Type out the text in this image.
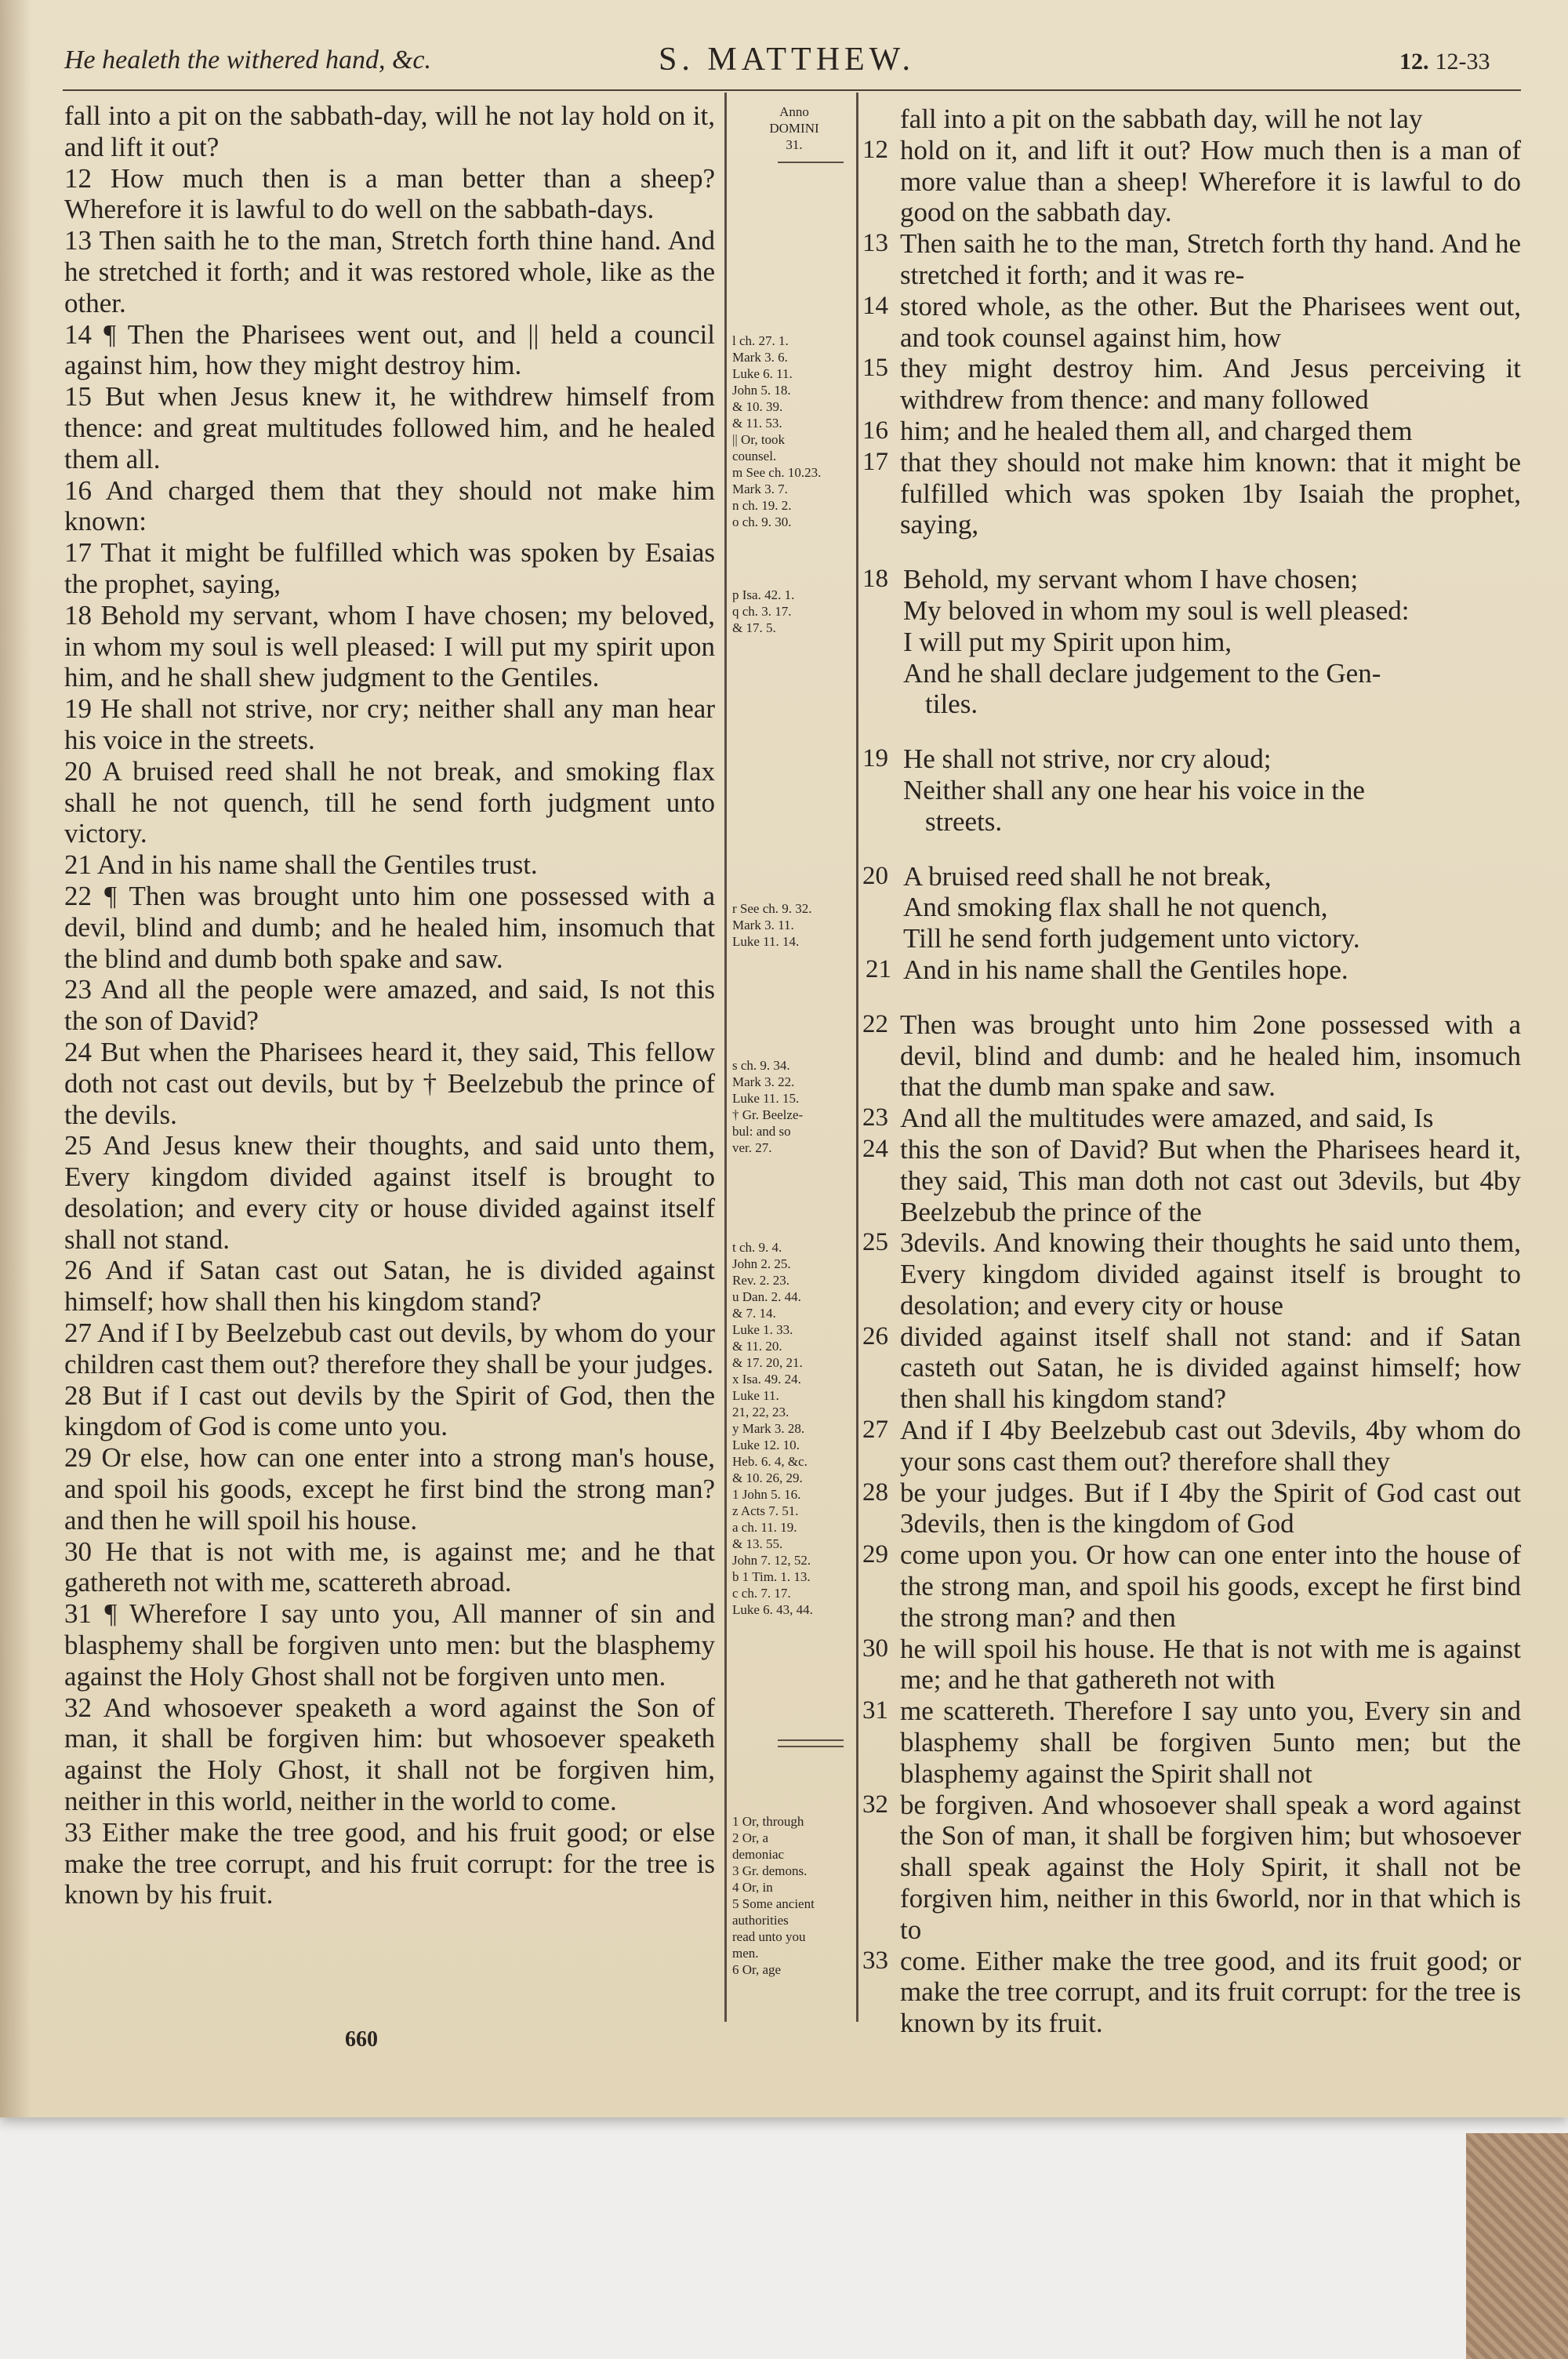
He healeth the withered hand, &c.	S. MATTHEW.	12. 12-33
Anno
DOMINI
31.

fall into a pit on the sabbath-day, will he not lay hold on it, and lift it out?

12 How much then is a man better than a sheep? Wherefore it is lawful to do well on the sabbath-days.

13 Then saith he to the man, Stretch forth thine hand. And he stretched it forth; and it was restored whole, like as the other.

14 ¶ Then the Pharisees went out, and || held a council against him, how they might destroy him.

15 But when Jesus knew it, he withdrew himself from thence: and great multitudes followed him, and he healed them all.

16 And charged them that they should not make him known:

17 That it might be fulfilled which was spoken by Esaias the prophet, saying,

18 Behold my servant, whom I have chosen; my beloved, in whom my soul is well pleased: I will put my spirit upon him, and he shall shew judgment to the Gentiles.

19 He shall not strive, nor cry; neither shall any man hear his voice in the streets.

20 A bruised reed shall he not break, and smoking flax shall he not quench, till he send forth judgment unto victory.

21 And in his name shall the Gentiles trust.

22 ¶ Then was brought unto him one possessed with a devil, blind and dumb; and he healed him, insomuch that the blind and dumb both spake and saw.

23 And all the people were amazed, and said, Is not this the son of David?

24 But when the Pharisees heard it, they said, This fellow doth not cast out devils, but by † Beelzebub the prince of the devils.

25 And Jesus knew their thoughts, and said unto them, Every kingdom divided against itself is brought to desolation; and every city or house divided against itself shall not stand.

26 And if Satan cast out Satan, he is divided against himself; how shall then his kingdom stand?

27 And if I by Beelzebub cast out devils, by whom do your children cast them out? therefore they shall be your judges.

28 But if I cast out devils by the Spirit of God, then the kingdom of God is come unto you.

29 Or else, how can one enter into a strong man's house, and spoil his goods, except he first bind the strong man? and then he will spoil his house.

30 He that is not with me, is against me; and he that gathereth not with me, scattereth abroad.

31 ¶ Wherefore I say unto you, All manner of sin and blasphemy shall be forgiven unto men: but the blasphemy against the Holy Ghost shall not be forgiven unto men.

32 And whosoever speaketh a word against the Son of man, it shall be forgiven him: but whosoever speaketh against the Holy Ghost, it shall not be forgiven him, neither in this world, neither in the world to come.

33 Either make the tree good, and his fruit good; or else make the tree corrupt, and his fruit corrupt: for the tree is known by his fruit.

l ch. 27. 1.
Mark 3. 6.
Luke 6. 11.
John 5. 18.
& 10. 39.
& 11. 53.
|| Or, took
counsel.
m See ch. 10.23.
Mark 3. 7.
n ch. 19. 2.
o ch. 9. 30.
p Isa. 42. 1.
q ch. 3. 17.
& 17. 5.
r See ch. 9. 32.
Mark 3. 11.
Luke 11. 14.
s ch. 9. 34.
Mark 3. 22.
Luke 11. 15.
† Gr. Beelze-
bul: and so
ver. 27.
t ch. 9. 4.
John 2. 25.
Rev. 2. 23.
u Dan. 2. 44.
& 7. 14.
Luke 1. 33.
& 11. 20.
& 17. 20, 21.
x Isa. 49. 24.
Luke 11.
21, 22, 23.
y Mark 3. 28.
Luke 12. 10.
Heb. 6. 4, &c.
& 10. 26, 29.
1 John 5. 16.
z Acts 7. 51.
a ch. 11. 19.
& 13. 55.
John 7. 12, 52.
b 1 Tim. 1. 13.
c ch. 7. 17.
Luke 6. 43, 44.
1 Or, through
2 Or, a
demoniac
3 Gr. demons.
4 Or, in
5 Some ancient
authorities
read unto you
men.
6 Or, age
fall into a pit on the sabbath day, will he not lay
12 hold on it, and lift it out? How much then is a man of more value than a sheep! Wherefore it is lawful to do good on the sabbath day.
13 Then saith he to the man, Stretch forth thy hand. And he stretched it forth; and it was re-
14 stored whole, as the other. But the Pharisees went out, and took counsel against him, how
15 they might destroy him. And Jesus perceiving it withdrew from thence: and many followed
16 him; and he healed them all, and charged them
17 that they should not make him known: that it might be fulfilled which was spoken 1by Isaiah the prophet, saying,
18 Behold, my servant whom I have chosen;
My beloved in whom my soul is well pleased:
I will put my Spirit upon him,
And he shall declare judgement to the Gen-
tiles.
19 He shall not strive, nor cry aloud;
Neither shall any one hear his voice in the
streets.
20 A bruised reed shall he not break,
And smoking flax shall he not quench,
Till he send forth judgement unto victory.
21 And in his name shall the Gentiles hope.
22 Then was brought unto him 2one possessed with a devil, blind and dumb: and he healed him, insomuch that the dumb man spake and saw.
23 And all the multitudes were amazed, and said, Is
24 this the son of David? But when the Pharisees heard it, they said, This man doth not cast out 3devils, but 4by Beelzebub the prince of the
25 3devils. And knowing their thoughts he said unto them, Every kingdom divided against itself is brought to desolation; and every city or house
26 divided against itself shall not stand: and if Satan casteth out Satan, he is divided against himself; how then shall his kingdom stand?
27 And if I 4by Beelzebub cast out 3devils, 4by whom do your sons cast them out? therefore shall they
28 be your judges. But if I 4by the Spirit of God cast out 3devils, then is the kingdom of God
29 come upon you. Or how can one enter into the house of the strong man, and spoil his goods, except he first bind the strong man? and then
30 he will spoil his house. He that is not with me is against me; and he that gathereth not with
31 me scattereth. Therefore I say unto you, Every sin and blasphemy shall be forgiven 5unto men; but the blasphemy against the Spirit shall not
32 be forgiven. And whosoever shall speak a word against the Son of man, it shall be forgiven him; but whosoever shall speak against the Holy Spirit, it shall not be forgiven him, neither in this 6world, nor in that which is to
33 come. Either make the tree good, and its fruit good; or make the tree corrupt, and its fruit corrupt: for the tree is known by its fruit.
660
